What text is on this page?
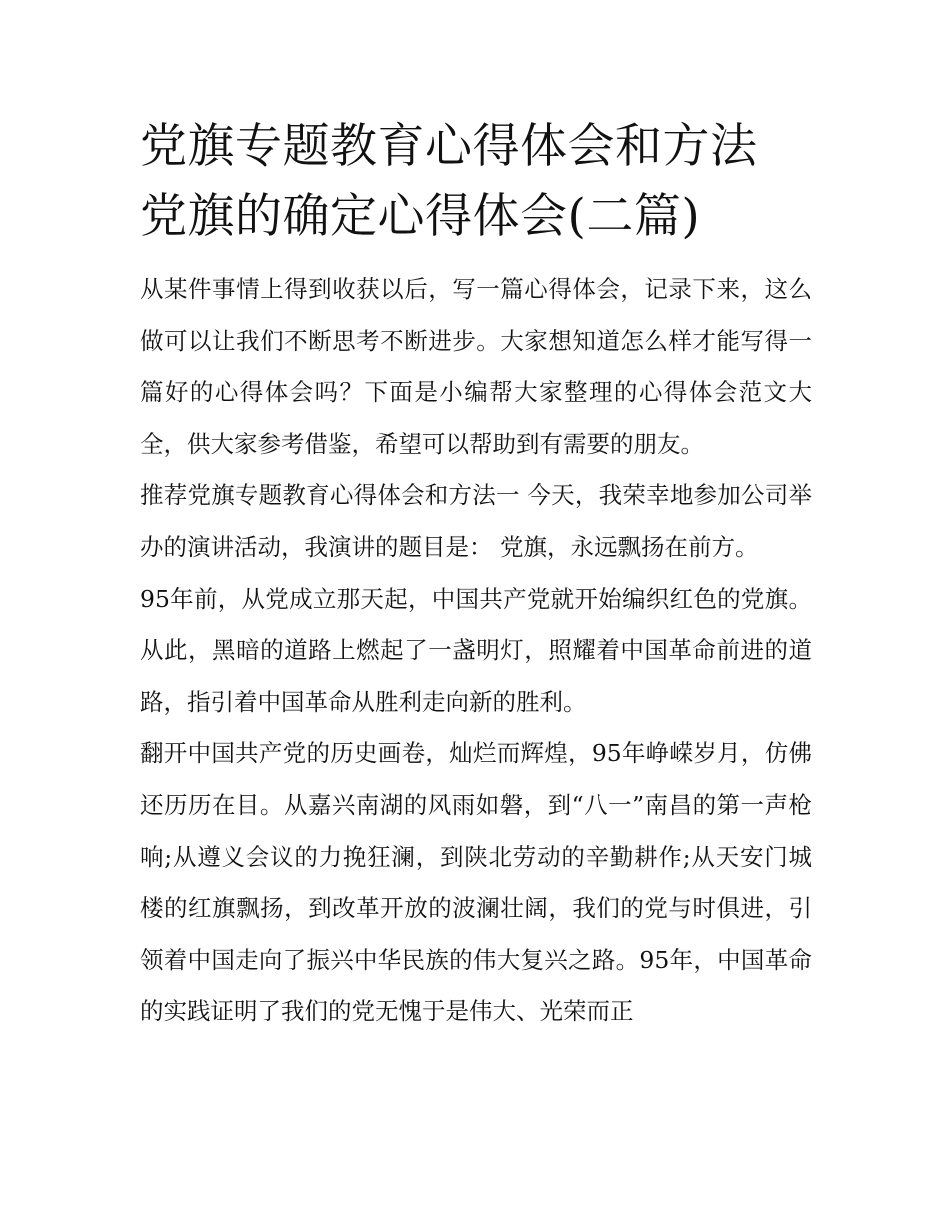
党旗专题教育心得体会和方法
党旗的确定心得体会(二篇)

从某件事情上得到收获以后，写一篇心得体会，记录下来，这么做可以让我们不断思考不断进步。大家想知道怎么样才能写得一篇好的心得体会吗？下面是小编帮大家整理的心得体会范文大全，供大家参考借鉴，希望可以帮助到有需要的朋友。

推荐党旗专题教育心得体会和方法一 今天，我荣幸地参加公司举办的演讲活动，我演讲的题目是： 党旗，永远飘扬在前方。

95年前，从党成立那天起，中国共产党就开始编织红色的党旗。从此，黑暗的道路上燃起了一盏明灯，照耀着中国革命前进的道路，指引着中国革命从胜利走向新的胜利。

翻开中国共产党的历史画卷，灿烂而辉煌，95年峥嵘岁月，仿佛还历历在目。从嘉兴南湖的风雨如磐，到“八一”南昌的第一声枪响;从遵义会议的力挽狂澜，到陕北劳动的辛勤耕作;从天安门城楼的红旗飘扬，到改革开放的波澜壮阔，我们的党与时俱进，引领着中国走向了振兴中华民族的伟大复兴之路。95年，中国革命的实践证明了我们的党无愧于是伟大、光荣而正
